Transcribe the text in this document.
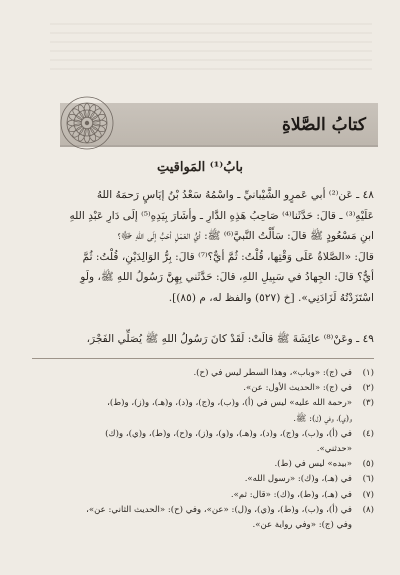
كتابُ الصَّلاةِ
بابُ⁽¹⁾ المَواقيتِ

٤٨ ـ عَن⁽²⁾ أبي عَمرٍو الشَّيْبانيِّ ـ واسْمُهُ سَعْدُ بْنُ إيَاسٍ رَحمَهُ اللهُ

عَلَيْهِ⁽³⁾ ـ قالَ: حَدَّثَنا⁽⁴⁾ صَاحِبُ هَذِهِ الدَّارِ ـ وأشَارَ بِيَدِهِ⁽⁵⁾ إلَى دَارِ عَبْدِ اللهِ

ابنِ مَسْعُودٍ ﷺ قالَ: سَأَلْتُ النَّبيَّ⁽⁶⁾ ﷺ: أيُّ العَمَلِ أحَبُّ إلَى اللهِ ﷻ؟

قالَ: «الصَّلاةُ عَلَى وَقْتِها، قُلْتُ: ثُمَّ أيٌّ؟⁽⁷⁾ قالَ: بِرُّ الوَالِدَيْنِ، قُلْتُ: ثُمَّ

أيٌّ؟ قالَ: الجِهادُ في سَبِيلِ اللهِ، قالَ: حَدَّثَني بِهِنَّ رَسُولُ اللهِ ﷺ، ولَوِ

اسْتَزَدْتُهُ لَزَادَنِي». [خ (٥٢٧) والفظ له، م (٨٥)].

٤٩ ـ وعَنْ⁽⁸⁾ عائِشَةَ ﷺ قالَتْ: لَقَدْ كانَ رَسُولُ اللهِ ﷺ يُصَلِّي الفَجْرَ،
(١)
في (ج): «وباب»، وهذا السطر ليس في (ح).
(٢)
في (ج): «الحديث الأول: عن».
(٣)
«رحمة الله عليه» ليس في (أ)، و(ب)، و(ج)، و(د)، و(هـ)، و(ز)، و(ط)،
و(ي)، وفي (ل): ﷺ.
(٤)
في (أ)، و(ب)، و(ج)، و(د)، و(هـ)، و(و)، و(ز)، و(ح)، و(ط)، و(ي)، و(ك)
«حدثني».
(٥)
«بيده» ليس في (ط).
(٦)
في (هـ)، و(ك): «رسول الله».
(٧)
في (هـ)، و(ط)، و(ك): «قال: ثم».
(٨)
في (أ)، و(ب)، و(ط)، و(ي)، و(ل): «عن»، وفي (ح): «الحديث الثاني: عن»،
وفي (ج): «وفي رواية عن».
